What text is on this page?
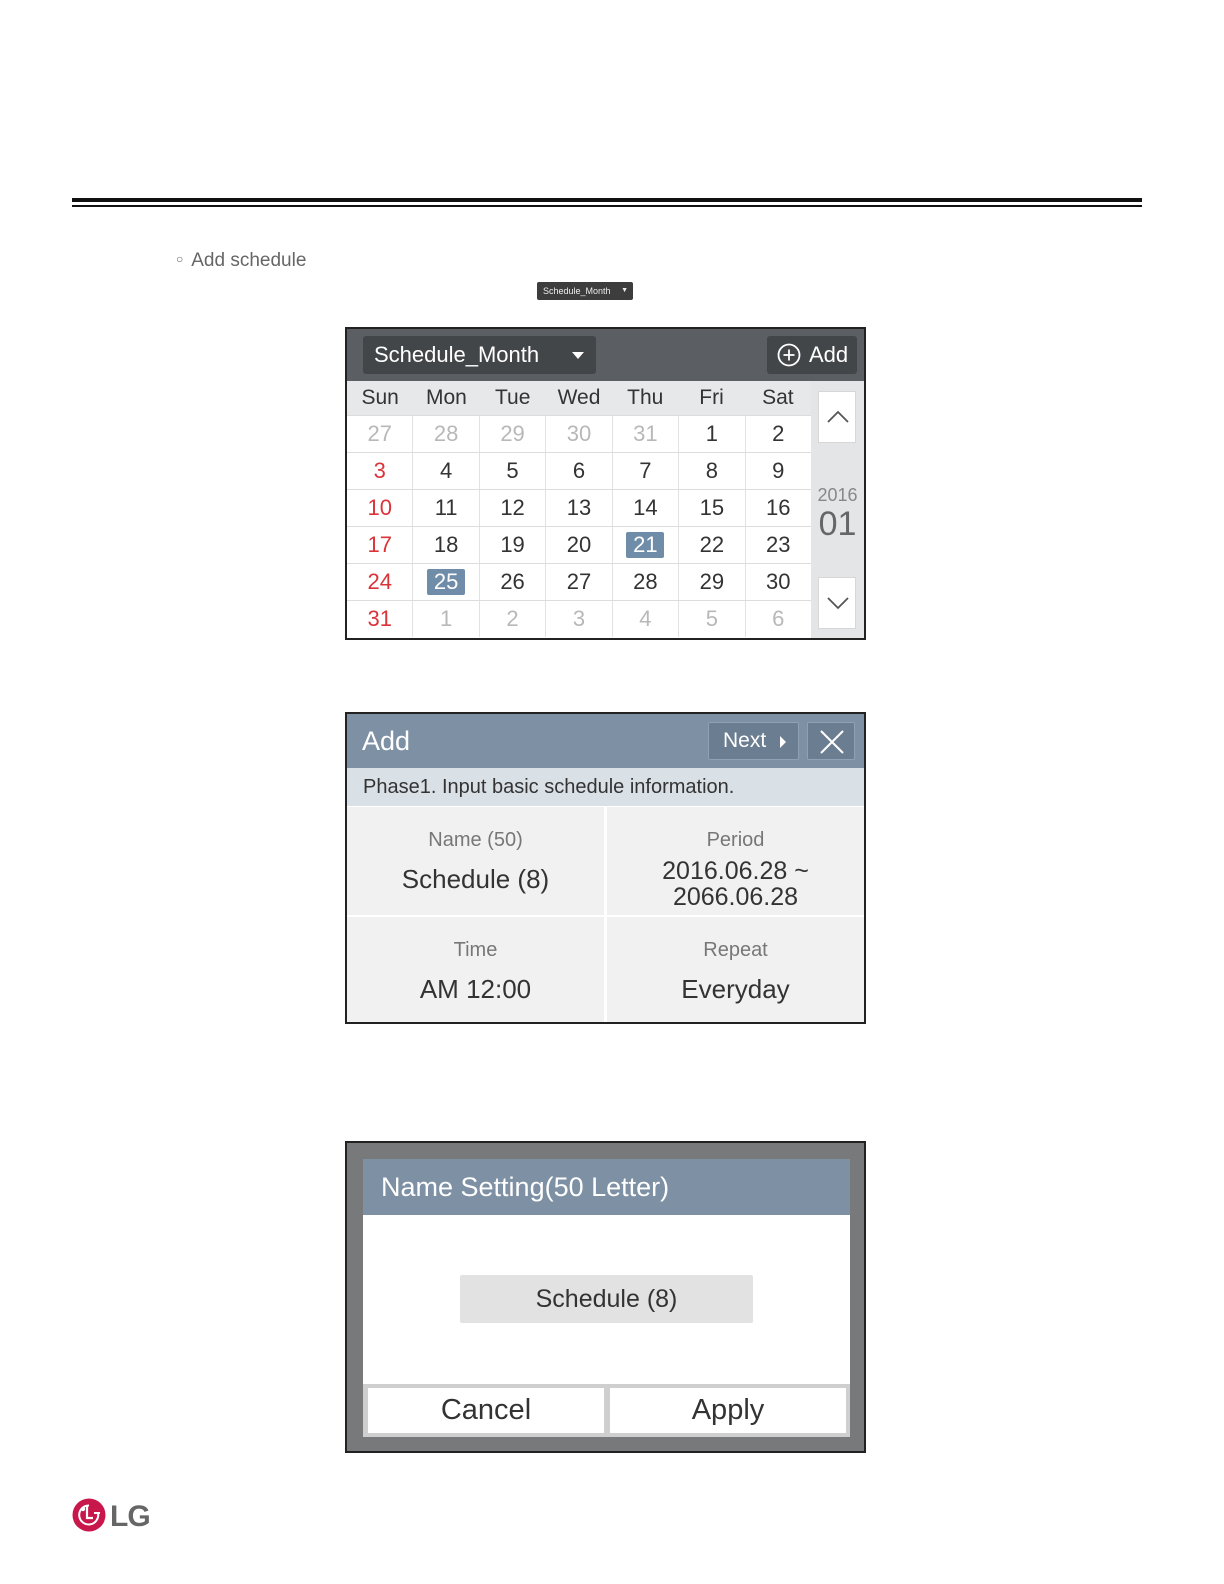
○ Add schedule
Schedule_Month ▼
Schedule_Month	Add
Sun	Mon	Tue	Wed	Thu	Fri	Sat
27	28	29	30	31	1	2
3	4	5	6	7	8	9
10	11	12	13	14	15	16
17	18	19	20	21	22	23
24	25	26	27	28	29	30
31	1	2	3	4	5	6
2016
01
Add	Next
Phase1. Input basic schedule information.
Name (50)
Schedule (8)
Period
2016.06.28 ~
2066.06.28
Time
AM 12:00
Repeat
Everyday
Name Setting(50 Letter)
Schedule (8)
Cancel	Apply
LG
